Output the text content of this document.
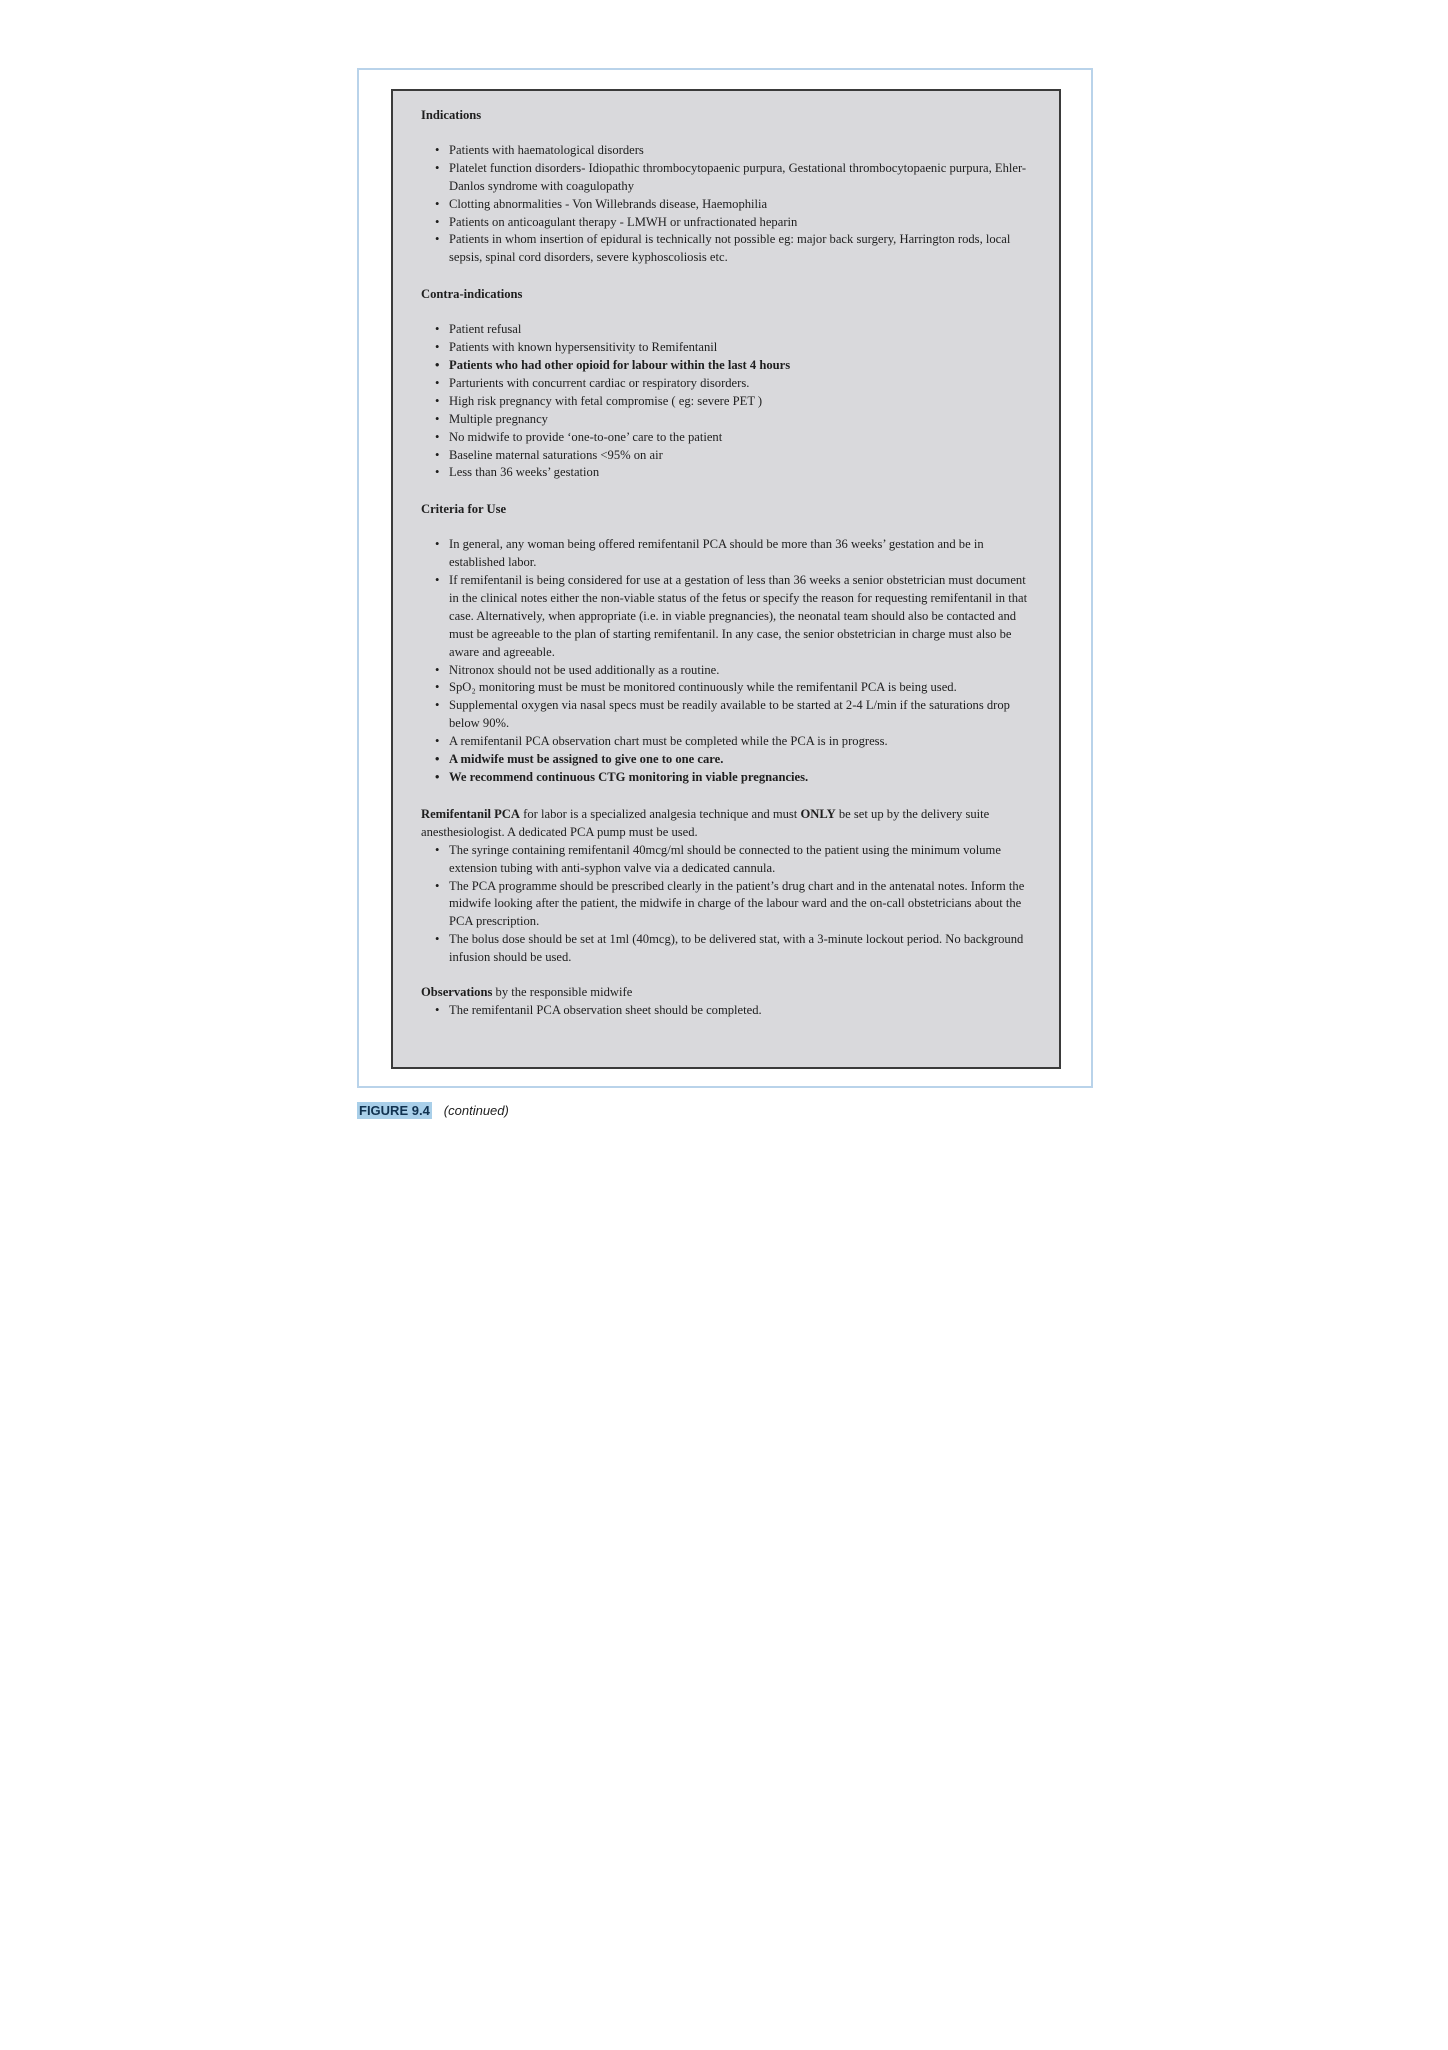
Indications
• Patients with haematological disorders
• Platelet function disorders- Idiopathic thrombocytopaenic purpura, Gestational thrombocytopaenic purpura, Ehler-Danlos syndrome with coagulopathy
• Clotting abnormalities - Von Willebrands disease, Haemophilia
• Patients on anticoagulant therapy - LMWH or unfractionated heparin
• Patients in whom insertion of epidural is technically not possible eg: major back surgery, Harrington rods, local sepsis, spinal cord disorders, severe kyphoscoliosis etc.
Contra-indications
• Patient refusal
• Patients with known hypersensitivity to Remifentanil
• Patients who had other opioid for labour within the last 4 hours
• Parturients with concurrent cardiac or respiratory disorders.
• High risk pregnancy with fetal compromise ( eg: severe PET )
• Multiple pregnancy
• No midwife to provide ‘one-to-one’ care to the patient
• Baseline maternal saturations <95% on air
• Less than 36 weeks’ gestation
Criteria for Use
• In general, any woman being offered remifentanil PCA should be more than 36 weeks’ gestation and be in established labor.
• If remifentanil is being considered for use at a gestation of less than 36 weeks a senior obstetrician must document in the clinical notes either the non-viable status of the fetus or specify the reason for requesting remifentanil in that case. Alternatively, when appropriate (i.e. in viable pregnancies), the neonatal team should also be contacted and must be agreeable to the plan of starting remifentanil. In any case, the senior obstetrician in charge must also be aware and agreeable.
• Nitronox should not be used additionally as a routine.
• SpO₂ monitoring must be must be monitored continuously while the remifentanil PCA is being used.
• Supplemental oxygen via nasal specs must be readily available to be started at 2-4 L/min if the saturations drop below 90%.
• A remifentanil PCA observation chart must be completed while the PCA is in progress.
• A midwife must be assigned to give one to one care.
• We recommend continuous CTG monitoring in viable pregnancies.

Remifentanil PCA for labor is a specialized analgesia technique and must ONLY be set up by the delivery suite anesthesiologist. A dedicated PCA pump must be used.

• The syringe containing remifentanil 40mcg/ml should be connected to the patient using the minimum volume extension tubing with anti-syphon valve via a dedicated cannula.
• The PCA programme should be prescribed clearly in the patient’s drug chart and in the antenatal notes. Inform the midwife looking after the patient, the midwife in charge of the labour ward and the on-call obstetricians about the PCA prescription.
• The bolus dose should be set at 1ml (40mcg), to be delivered stat, with a 3-minute lockout period. No background infusion should be used.

Observations by the responsible midwife

• The remifentanil PCA observation sheet should be completed.
FIGURE 9.4 (continued)
